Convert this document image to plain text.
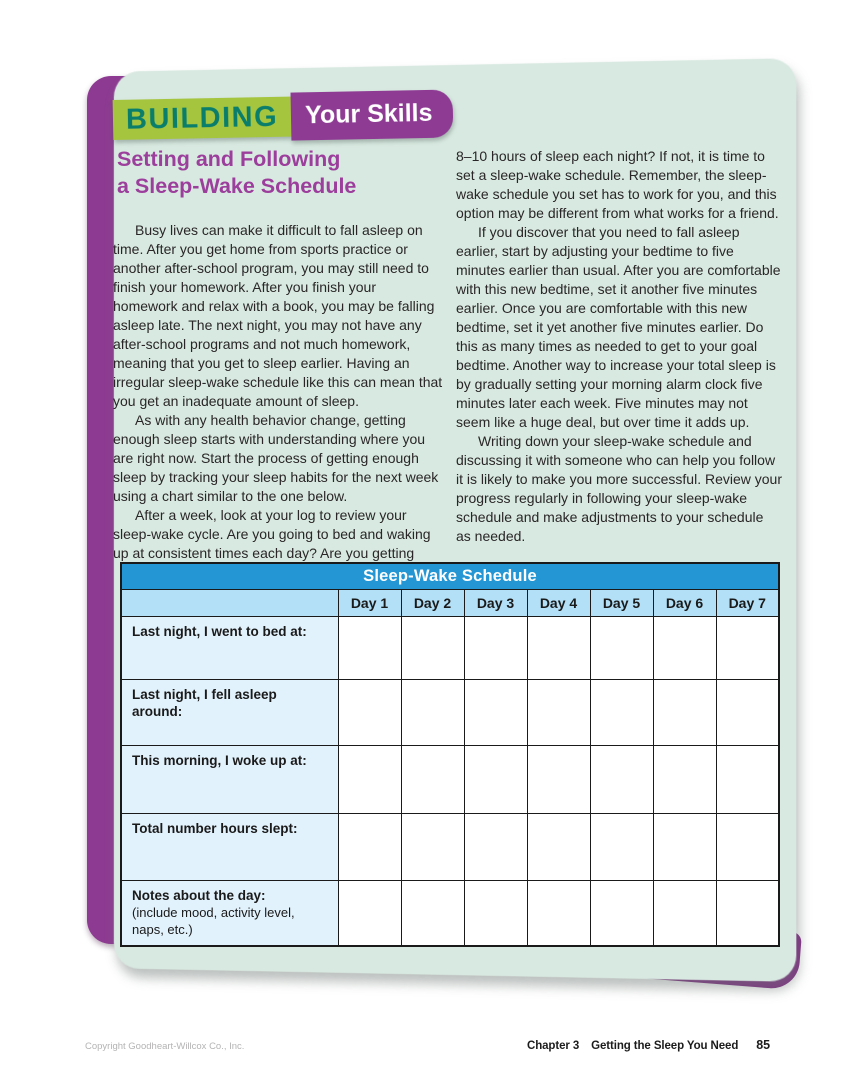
BUILDING	Your Skills
Setting and Following
a Sleep-Wake Schedule

Busy lives can make it difficult to fall asleep on time. After you get home from sports practice or another after-school program, you may still need to finish your homework. After you finish your homework and relax with a book, you may be falling asleep late. The next night, you may not have any after-school programs and not much homework, meaning that you get to sleep earlier. Having an irregular sleep-wake schedule like this can mean that you get an inadequate amount of sleep.

As with any health behavior change, getting enough sleep starts with understanding where you are right now. Start the process of getting enough sleep by tracking your sleep habits for the next week using a chart similar to the one below.

After a week, look at your log to review your sleep-wake cycle. Are you going to bed and waking up at consistent times each day? Are you getting

8–10 hours of sleep each night? If not, it is time to set a sleep-wake schedule. Remember, the sleep-wake schedule you set has to work for you, and this option may be different from what works for a friend.

If you discover that you need to fall asleep earlier, start by adjusting your bedtime to five minutes earlier than usual. After you are comfortable with this new bedtime, set it another five minutes earlier. Once you are comfortable with this new bedtime, set it yet another five minutes earlier. Do this as many times as needed to get to your goal bedtime. Another way to increase your total sleep is by gradually setting your morning alarm clock five minutes later each week. Five minutes may not seem like a huge deal, but over time it adds up.

Writing down your sleep-wake schedule and discussing it with someone who can help you follow it is likely to make you more successful. Review your progress regularly in following your sleep-wake schedule and make adjustments to your schedule as needed.

Sleep-Wake Schedule							
	Day 1	Day 2	Day 3	Day 4	Day 5	Day 6	Day 7
Last night, I went to bed at:							
Last night, I fell asleep around:							
This morning, I woke up at:							
Total number hours slept:							

Notes about the day:
(include mood, activity level, naps, etc.)							

Copyright Goodheart-Willcox Co., Inc.	Chapter 3 Getting the Sleep You Need 85
